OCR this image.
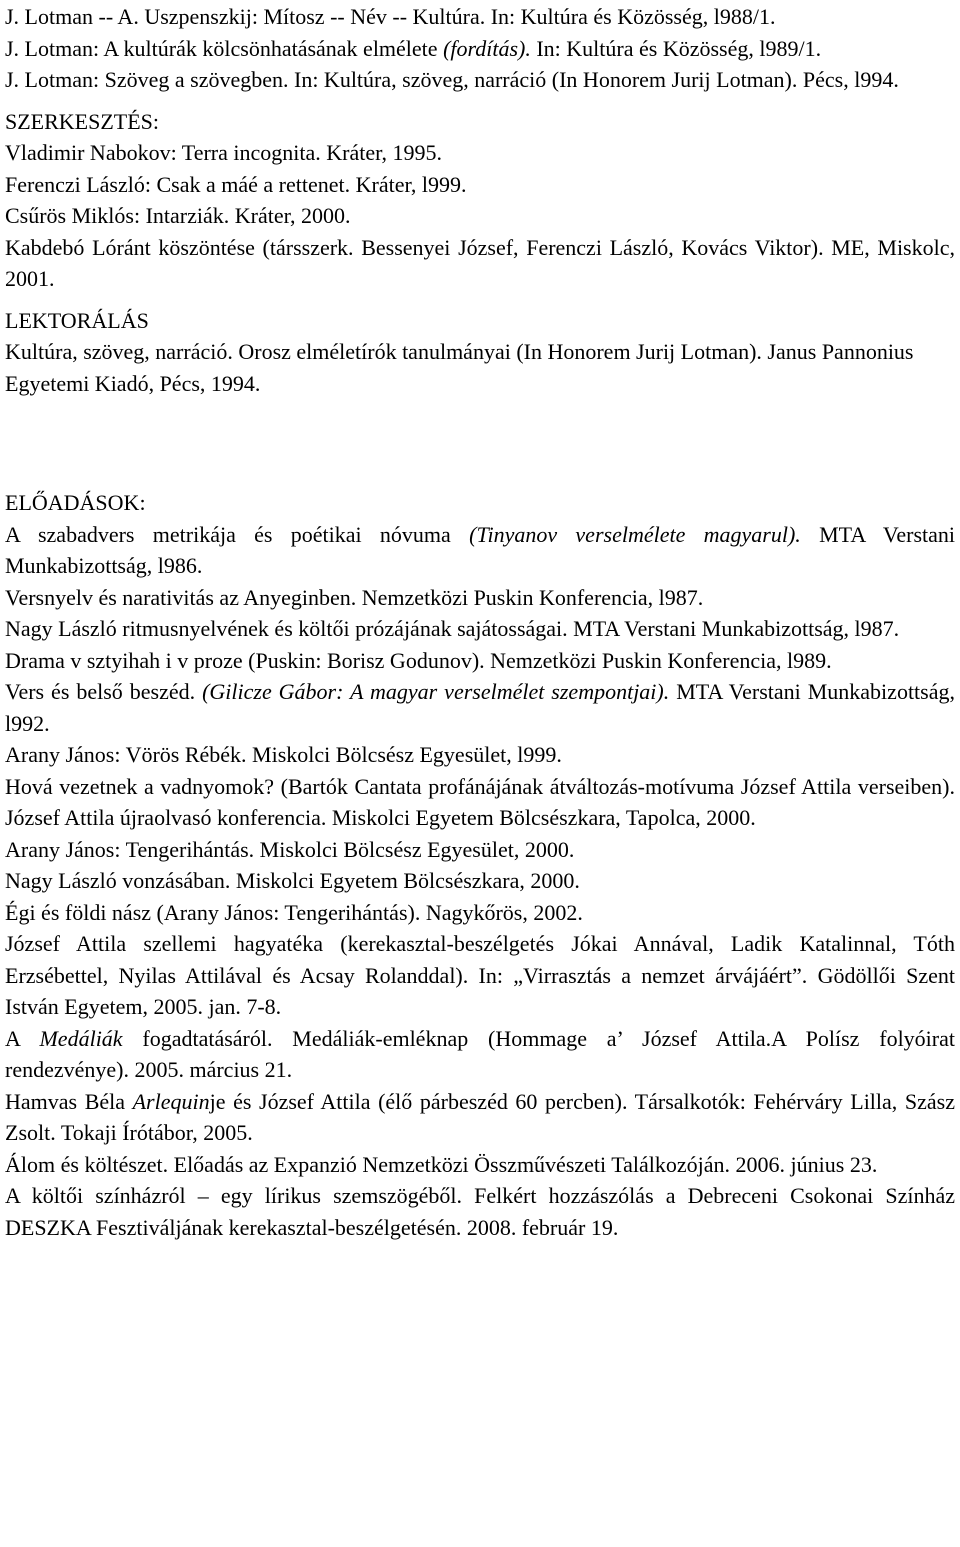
J. Lotman -- A. Uszpenszkij: Mítosz -- Név -- Kultúra. In: Kultúra és Közösség, l988/1.

J. Lotman: A kultúrák kölcsönhatásának elmélete (fordítás). In: Kultúra és Közösség, l989/1.

J. Lotman: Szöveg a szövegben. In: Kultúra, szöveg, narráció (In Honorem Jurij Lotman). Pécs, l994.

SZERKESZTÉS:

Vladimir Nabokov: Terra incognita. Kráter, 1995.

Ferenczi László: Csak a máé a rettenet. Kráter, l999.

Csűrös Miklós: Intarziák. Kráter, 2000.

Kabdebó Lóránt köszöntése (társszerk. Bessenyei József, Ferenczi László, Kovács Viktor). ME, Miskolc, 2001.

LEKTORÁLÁS

Kultúra, szöveg, narráció. Orosz elméletírók tanulmányai (In Honorem Jurij Lotman). Janus Pannonius Egyetemi Kiadó, Pécs, 1994.

ELŐADÁSOK:

A szabadvers metrikája és poétikai nóvuma (Tinyanov verselmélete magyarul). MTA Verstani Munkabizottság, l986.

Versnyelv és narativitás az Anyeginben. Nemzetközi Puskin Konferencia, l987.

Nagy László ritmusnyelvének és költői prózájának sajátosságai. MTA Verstani Munkabizottság, l987.

Drama v sztyihah i v proze (Puskin: Borisz Godunov). Nemzetközi Puskin Konferencia, l989.

Vers és belső beszéd. (Gilicze Gábor: A magyar verselmélet szempontjai). MTA Verstani Munkabizottság, l992.

Arany János: Vörös Rébék. Miskolci Bölcsész Egyesület, l999.

Hová vezetnek a vadnyomok? (Bartók Cantata profánájának átváltozás-motívuma József Attila verseiben). József Attila újraolvasó konferencia. Miskolci Egyetem Bölcsészkara, Tapolca, 2000.

Arany János: Tengerihántás. Miskolci Bölcsész Egyesület, 2000.

Nagy László vonzásában. Miskolci Egyetem Bölcsészkara, 2000.

Égi és földi nász (Arany János: Tengerihántás). Nagykőrös, 2002.

József Attila szellemi hagyatéka (kerekasztal-beszélgetés Jókai Annával, Ladik Katalinnal, Tóth Erzsébettel, Nyilas Attilával és Acsay Rolanddal). In: „Virrasztás a nemzet árvájáért”. Gödöllői Szent István Egyetem, 2005. jan. 7-8.

A Medáliák fogadtatásáról. Medáliák-emléknap (Hommage a’ József Attila.A Polísz folyóirat rendezvénye). 2005. március 21.

Hamvas Béla Arlequinje és József Attila (élő párbeszéd 60 percben). Társalkotók: Fehérváry Lilla, Szász Zsolt. Tokaji Írótábor, 2005.

Álom és költészet. Előadás az Expanzió Nemzetközi Összművészeti Találkozóján. 2006. június 23.

A költői színházról – egy lírikus szemszögéből. Felkért hozzászólás a Debreceni Csokonai Színház DESZKA Fesztiváljának kerekasztal-beszélgetésén. 2008. február 19.
